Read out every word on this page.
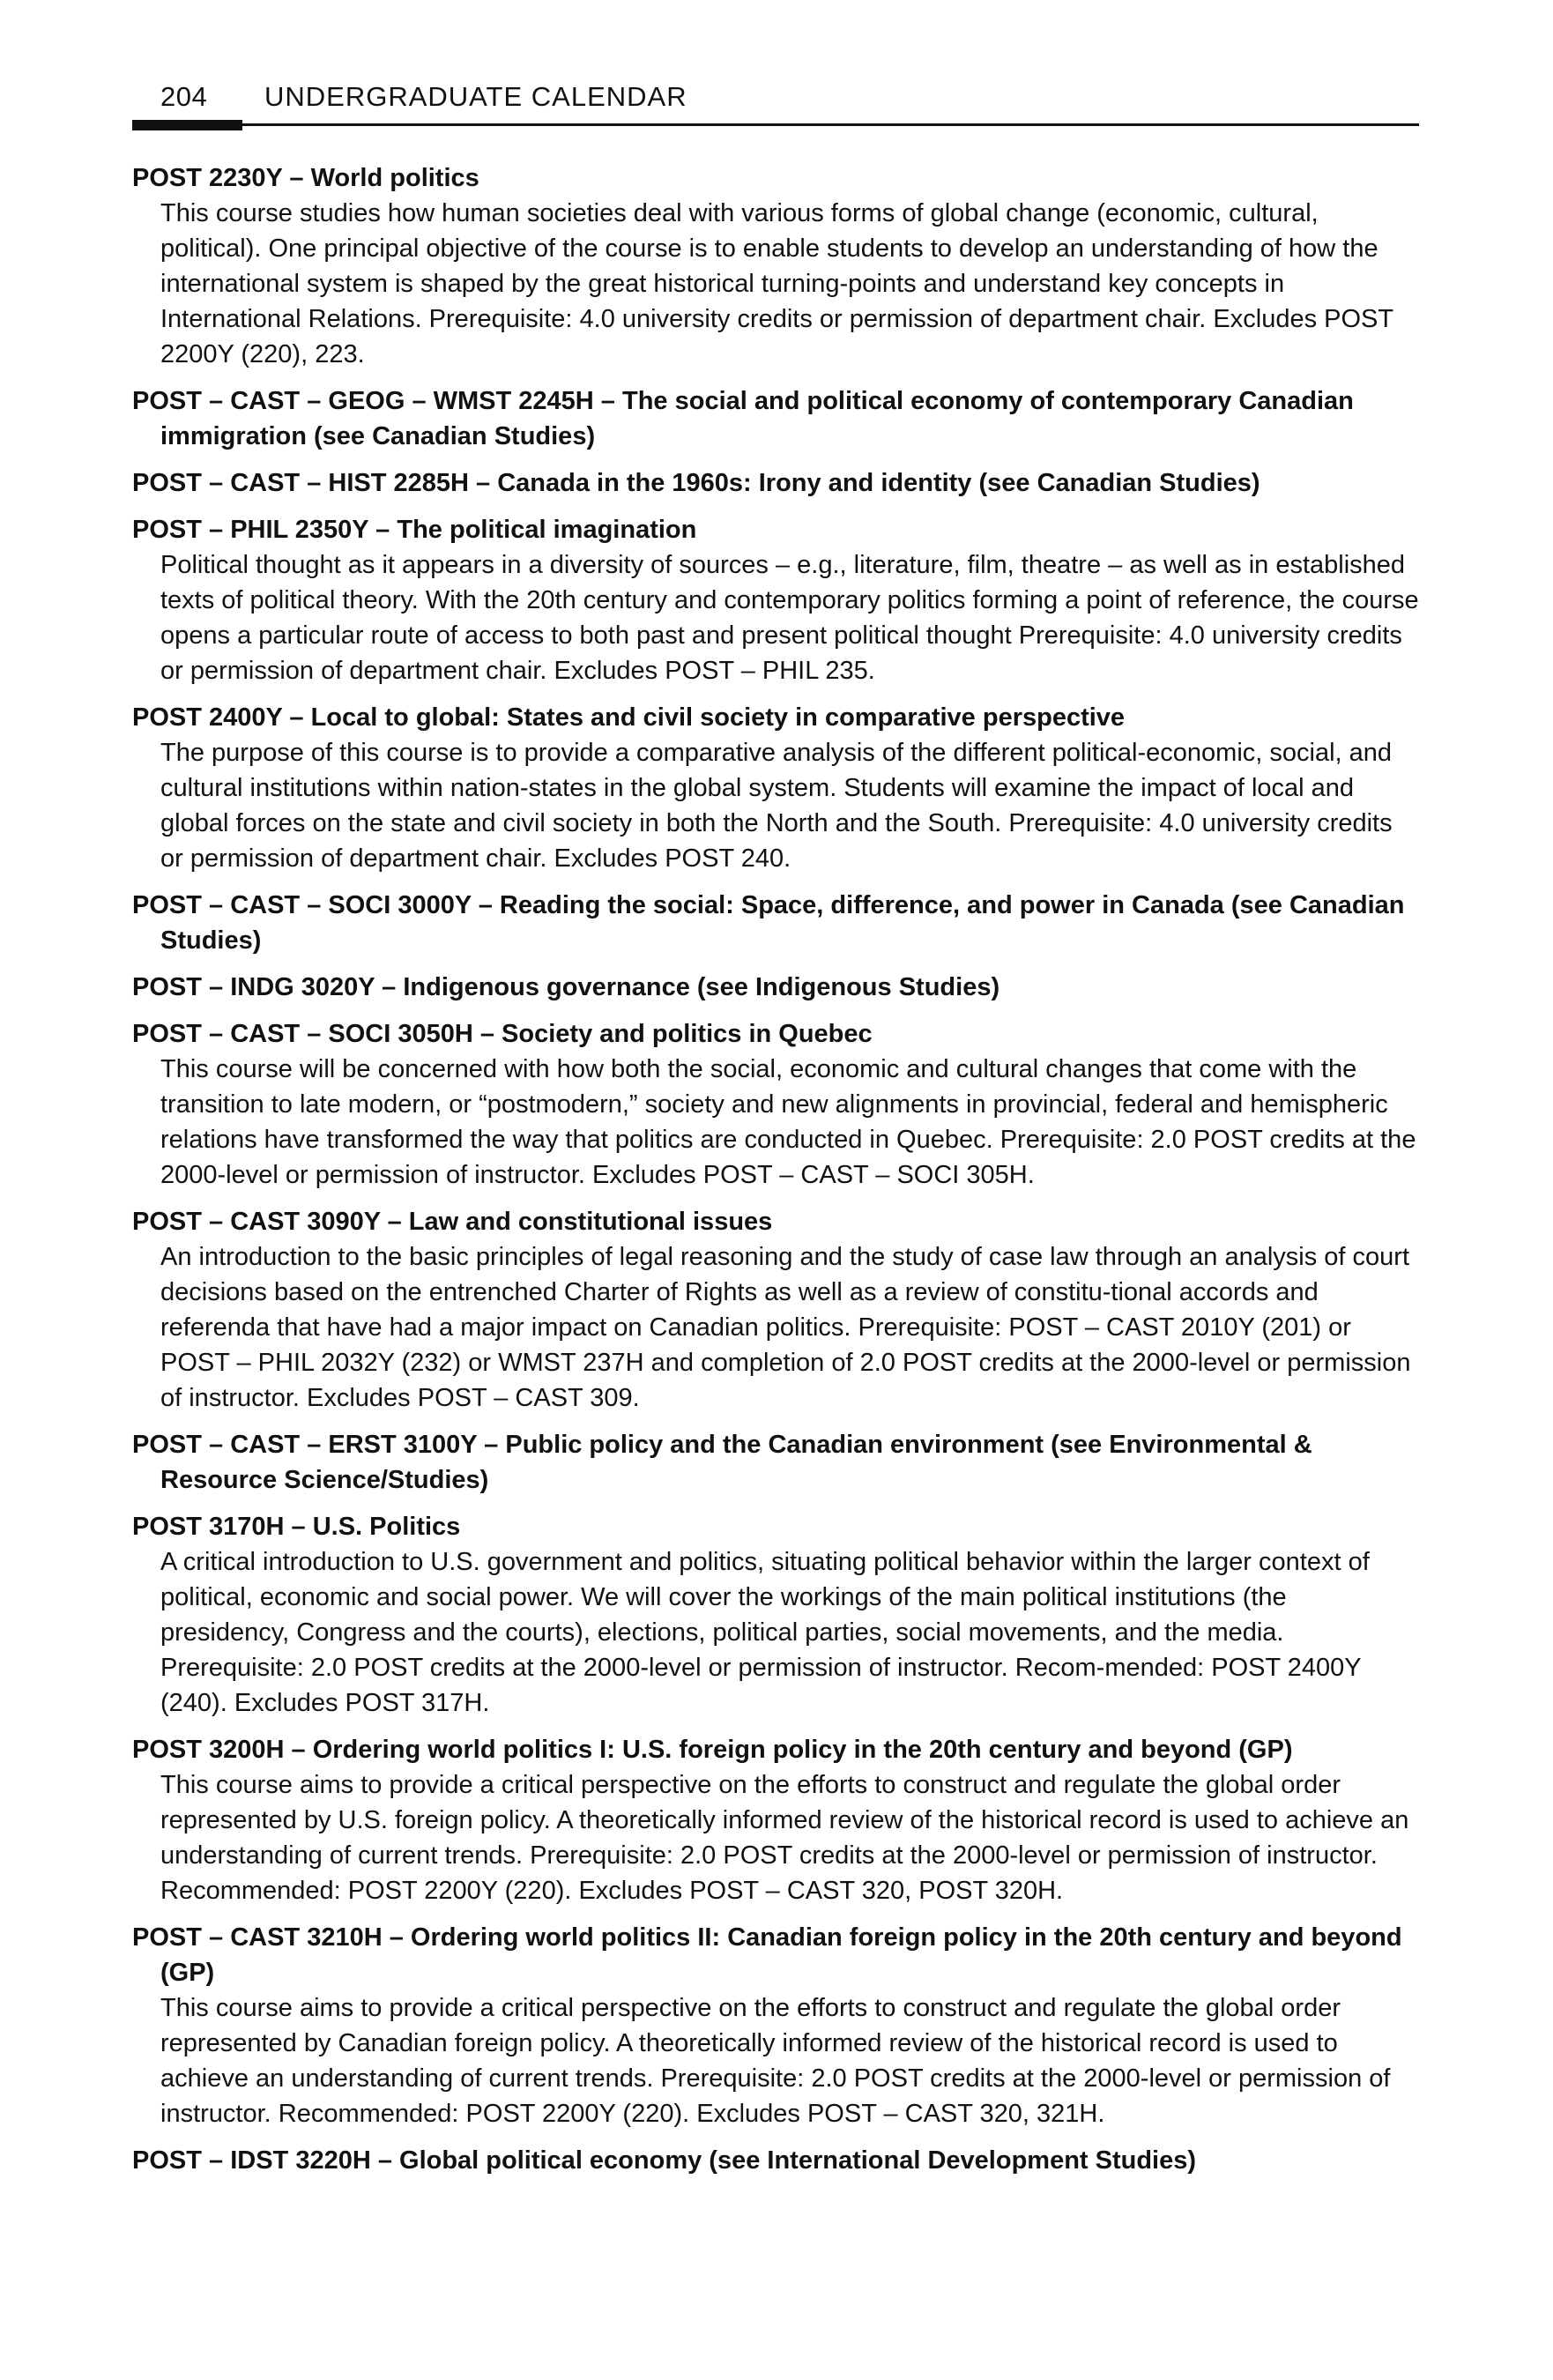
204 UNDERGRADUATE CALENDAR

POST 2230Y – World politics

This course studies how human societies deal with various forms of global change (economic, cultural, political). One principal objective of the course is to enable students to develop an understanding of how the international system is shaped by the great historical turning-points and understand key concepts in International Relations. Prerequisite: 4.0 university credits or permission of department chair. Excludes POST 2200Y (220), 223.

POST – CAST – GEOG – WMST 2245H – The social and political economy of contemporary Canadian immigration (see Canadian Studies)

POST – CAST – HIST 2285H – Canada in the 1960s: Irony and identity (see Canadian Studies)

POST – PHIL 2350Y – The political imagination

Political thought as it appears in a diversity of sources – e.g., literature, film, theatre – as well as in established texts of political theory. With the 20th century and contemporary politics forming a point of reference, the course opens a particular route of access to both past and present political thought Prerequisite: 4.0 university credits or permission of department chair. Excludes POST – PHIL 235.

POST 2400Y – Local to global: States and civil society in comparative perspective

The purpose of this course is to provide a comparative analysis of the different political-economic, social, and cultural institutions within nation-states in the global system. Students will examine the impact of local and global forces on the state and civil society in both the North and the South. Prerequisite: 4.0 university credits or permission of department chair. Excludes POST 240.

POST – CAST – SOCI 3000Y – Reading the social: Space, difference, and power in Canada (see Canadian Studies)

POST – INDG 3020Y – Indigenous governance (see Indigenous Studies)

POST – CAST – SOCI 3050H – Society and politics in Quebec

This course will be concerned with how both the social, economic and cultural changes that come with the transition to late modern, or “postmodern,” society and new alignments in provincial, federal and hemispheric relations have transformed the way that politics are conducted in Quebec. Prerequisite: 2.0 POST credits at the 2000-level or permission of instructor. Excludes POST – CAST – SOCI 305H.

POST – CAST 3090Y – Law and constitutional issues

An introduction to the basic principles of legal reasoning and the study of case law through an analysis of court decisions based on the entrenched Charter of Rights as well as a review of constitu-tional accords and referenda that have had a major impact on Canadian politics. Prerequisite: POST – CAST 2010Y (201) or POST – PHIL 2032Y (232) or WMST 237H and completion of 2.0 POST credits at the 2000-level or permission of instructor. Excludes POST – CAST 309.

POST – CAST – ERST 3100Y – Public policy and the Canadian environment (see Environmental & Resource Science/Studies)

POST 3170H – U.S. Politics

A critical introduction to U.S. government and politics, situating political behavior within the larger context of political, economic and social power. We will cover the workings of the main political institutions (the presidency, Congress and the courts), elections, political parties, social movements, and the media. Prerequisite: 2.0 POST credits at the 2000-level or permission of instructor. Recom-mended: POST 2400Y (240). Excludes POST 317H.

POST 3200H – Ordering world politics I: U.S. foreign policy in the 20th century and beyond (GP)

This course aims to provide a critical perspective on the efforts to construct and regulate the global order represented by U.S. foreign policy. A theoretically informed review of the historical record is used to achieve an understanding of current trends. Prerequisite: 2.0 POST credits at the 2000-level or permission of instructor. Recommended: POST 2200Y (220). Excludes POST – CAST 320, POST 320H.

POST – CAST 3210H – Ordering world politics II: Canadian foreign policy in the 20th century and beyond (GP)

This course aims to provide a critical perspective on the efforts to construct and regulate the global order represented by Canadian foreign policy. A theoretically informed review of the historical record is used to achieve an understanding of current trends. Prerequisite: 2.0 POST credits at the 2000-level or permission of instructor. Recommended: POST 2200Y (220). Excludes POST – CAST 320, 321H.

POST – IDST 3220H – Global political economy (see International Development Studies)
